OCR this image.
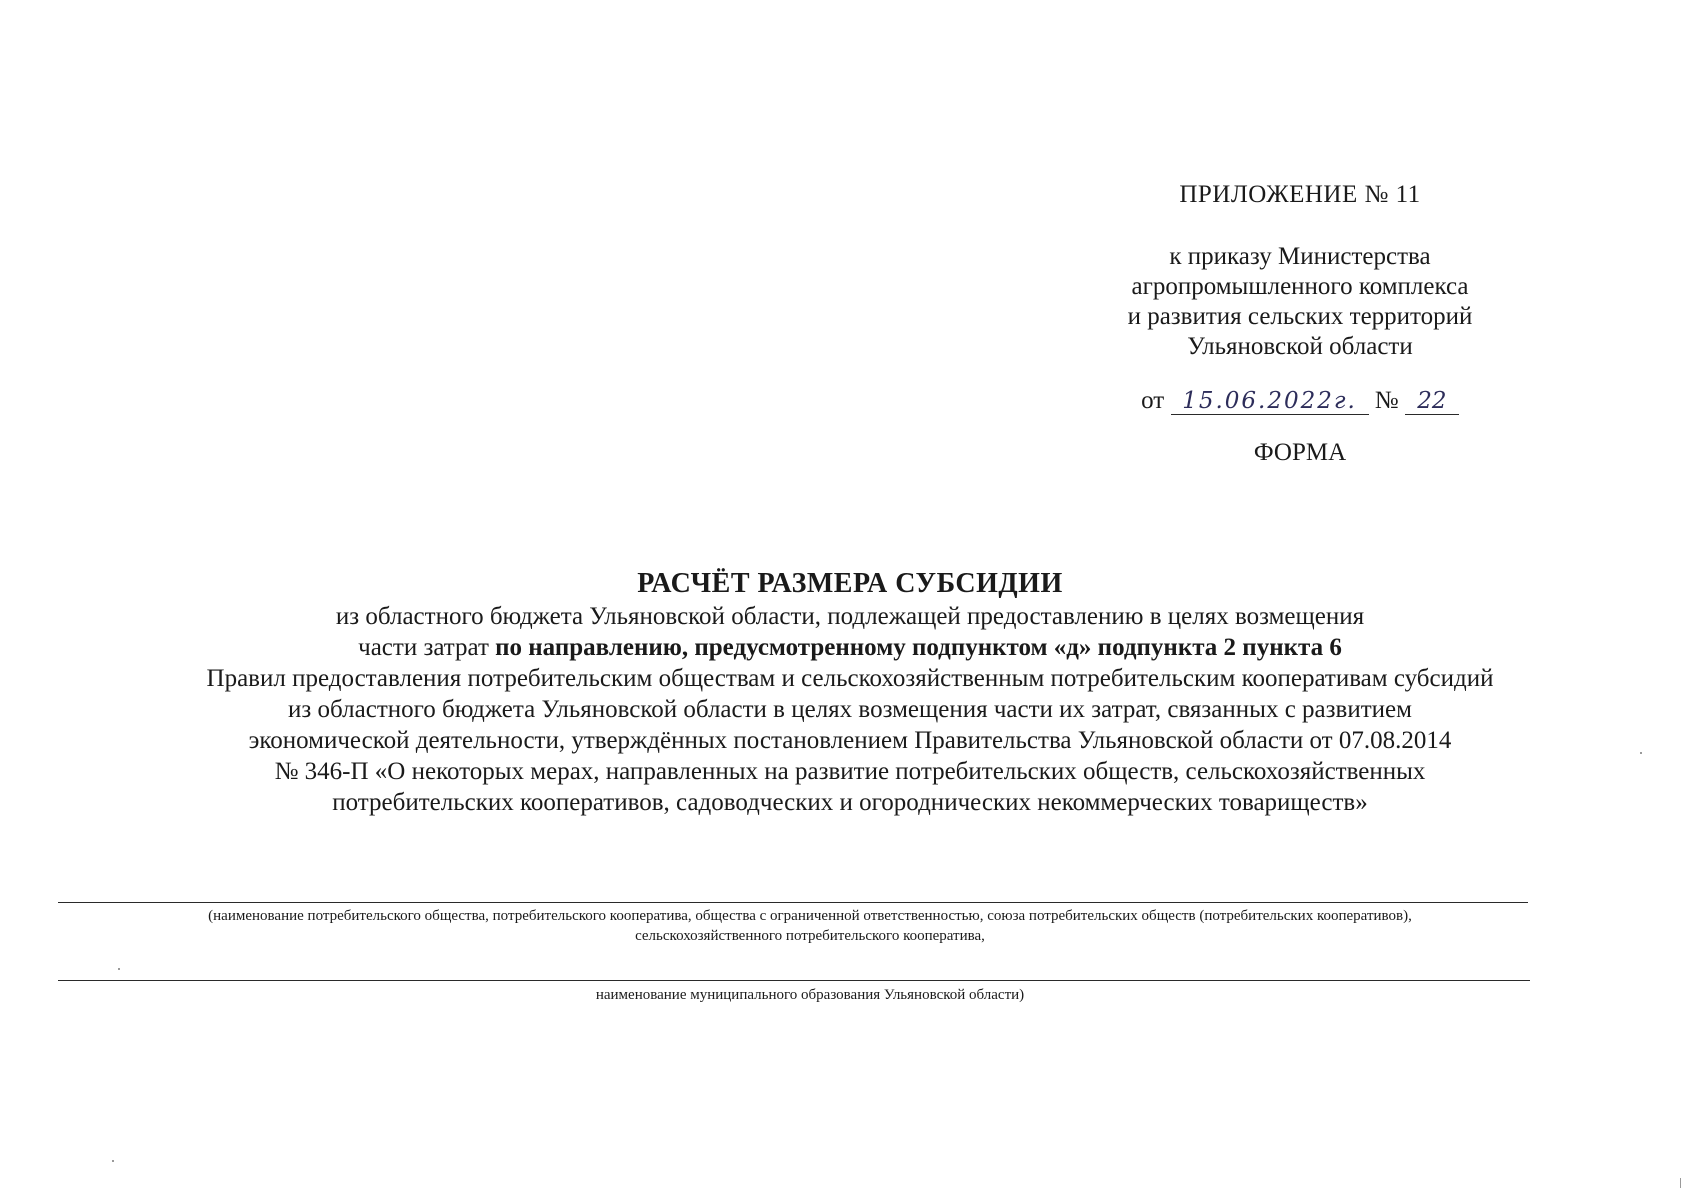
ПРИЛОЖЕНИЕ № 11
к приказу Министерства
агропромышленного комплекса
и развития сельских территорий
Ульяновской области
от 15.06.2022г. № 22
ФОРМА
РАСЧЁТ РАЗМЕРА СУБСИДИИ
из областного бюджета Ульяновской области, подлежащей предоставлению в целях возмещения
части затрат по направлению, предусмотренному подпунктом «д» подпункта 2 пункта 6
Правил предоставления потребительским обществам и сельскохозяйственным потребительским кооперативам субсидий
из областного бюджета Ульяновской области в целях возмещения части их затрат, связанных с развитием
экономической деятельности, утверждённых постановлением Правительства Ульяновской области от 07.08.2014
№ 346-П «О некоторых мерах, направленных на развитие потребительских обществ, сельскохозяйственных
потребительских кооперативов, садоводческих и огороднических некоммерческих товариществ»
(наименование потребительского общества, потребительского кооператива, общества с ограниченной ответственностью, союза потребительских обществ (потребительских кооперативов),
сельскохозяйственного потребительского кооператива,
наименование муниципального образования Ульяновской области)
